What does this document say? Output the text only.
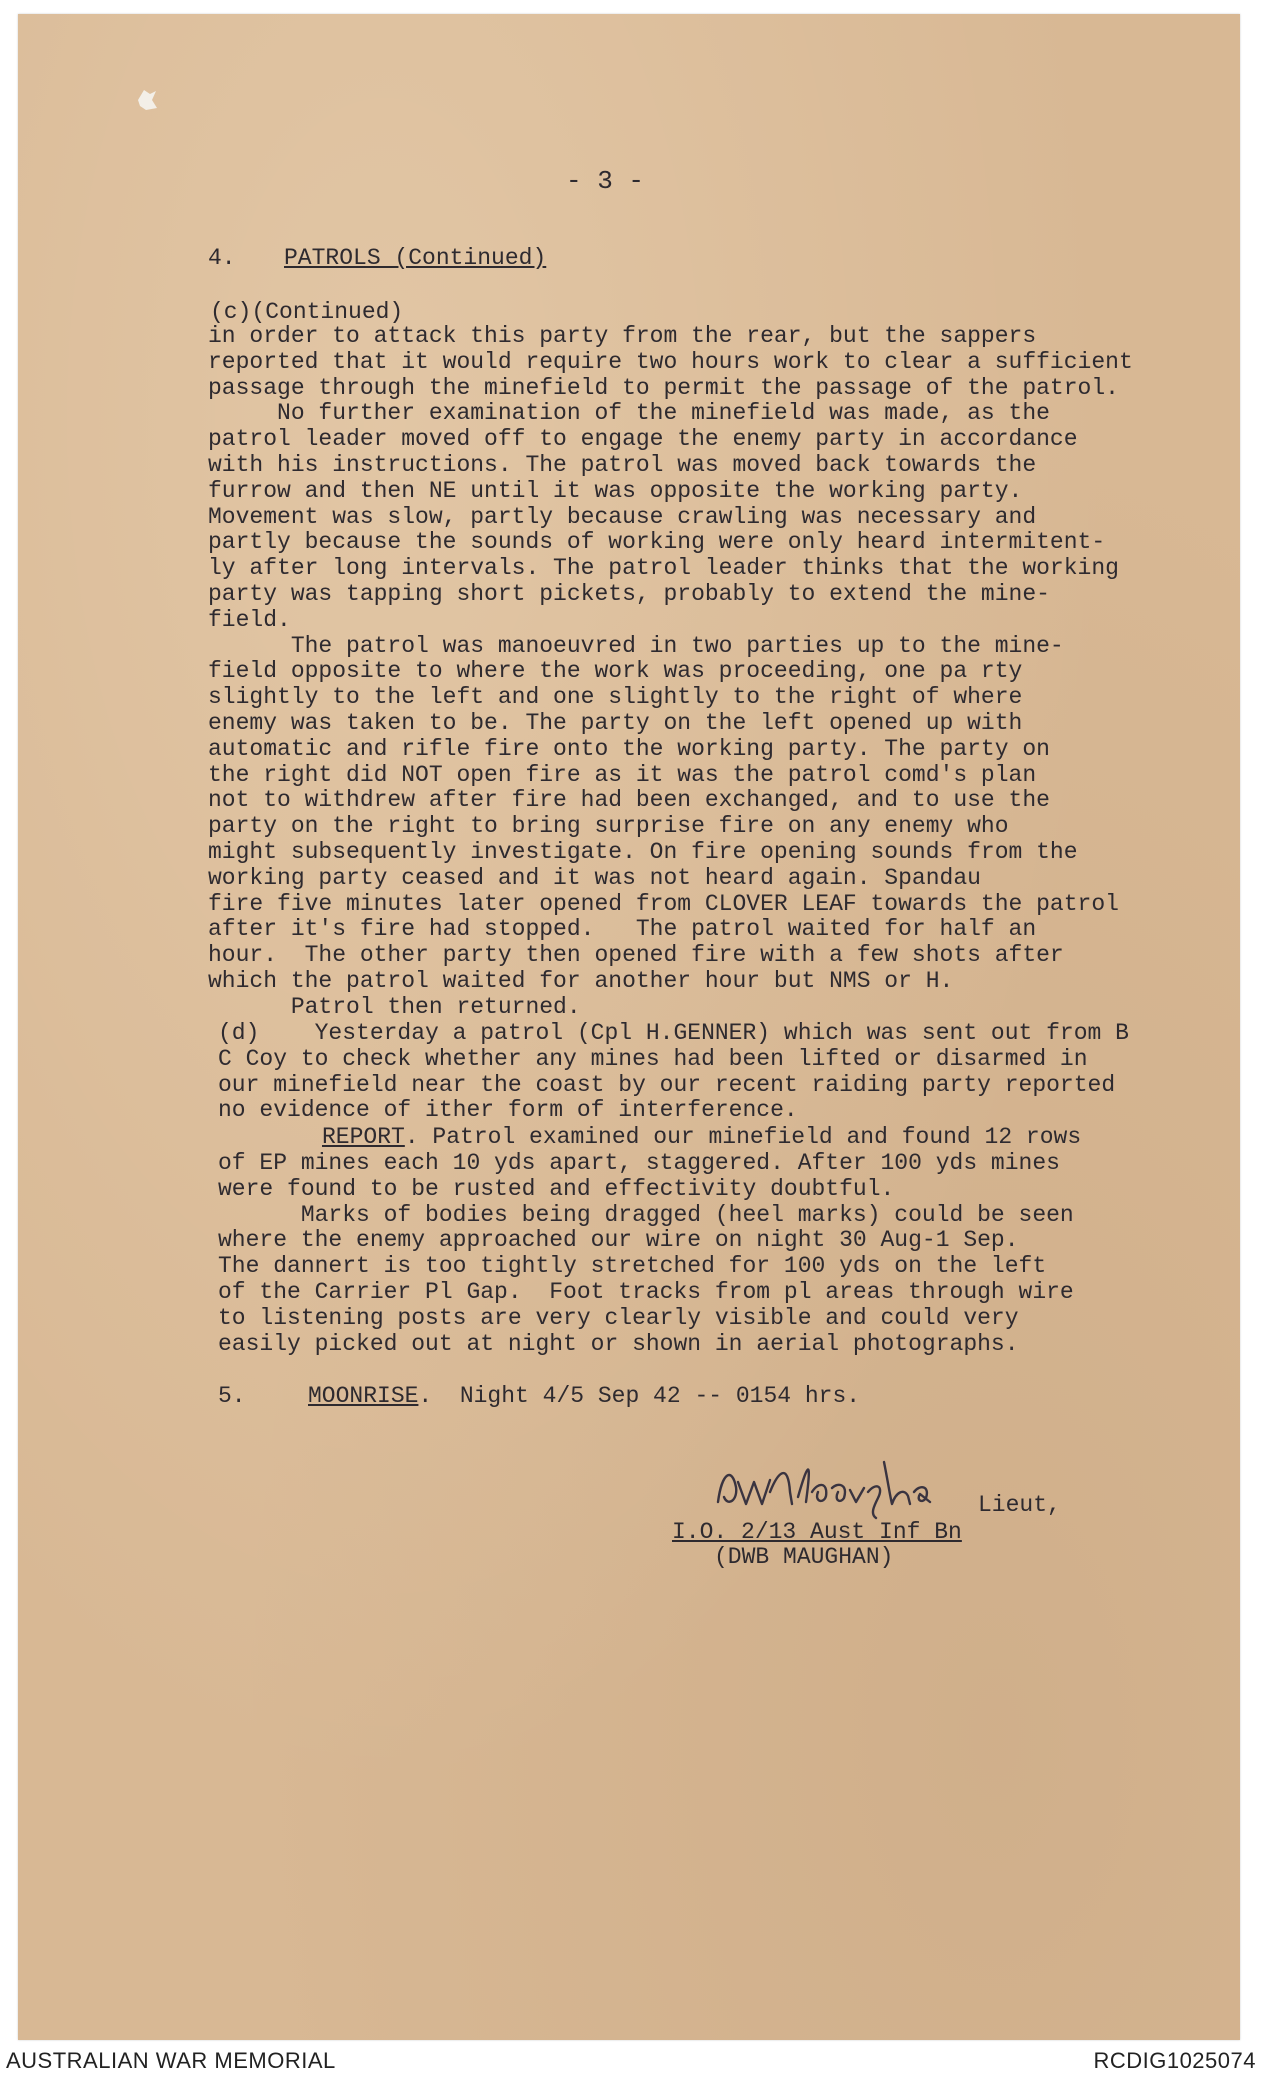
- 3 -
4. PATROLS (Continued)
(c)(Continued)
in order to attack this party from the rear, but the sappers
reported that it would require two hours work to clear a sufficient
passage through the minefield to permit the passage of the patrol.
No further examination of the minefield was made, as the
patrol leader moved off to engage the enemy party in accordance
with his instructions. The patrol was moved back towards the
furrow and then NE until it was opposite the working party.
Movement was slow, partly because crawling was necessary and
partly because the sounds of working were only heard intermitent-
ly after long intervals. The patrol leader thinks that the working
party was tapping short pickets, probably to extend the mine-
field.
The patrol was manoeuvred in two parties up to the mine-
field opposite to where the work was proceeding, one pa rty
slightly to the left and one slightly to the right of where
enemy was taken to be. The party on the left opened up with
automatic and rifle fire onto the working party. The party on
the right did NOT open fire as it was the patrol comd's plan
not to withdrew after fire had been exchanged, and to use the
party on the right to bring surprise fire on any enemy who
might subsequently investigate. On fire opening sounds from the
working party ceased and it was not heard again. Spandau
fire five minutes later opened from CLOVER LEAF towards the patrol
after it's fire had stopped.   The patrol waited for half an
hour.  The other party then opened fire with a few shots after
which the patrol waited for another hour but NMS or H.
Patrol then returned.
(d)    Yesterday a patrol (Cpl H.GENNER) which was sent out from B
C Coy to check whether any mines had been lifted or disarmed in
our minefield near the coast by our recent raiding party reported
no evidence of ither form of interference.
REPORT. Patrol examined our minefield and found 12 rows
of EP mines each 10 yds apart, staggered. After 100 yds mines
were found to be rusted and effectivity doubtful.
Marks of bodies being dragged (heel marks) could be seen
where the enemy approached our wire on night 30 Aug-1 Sep.
The dannert is too tightly stretched for 100 yds on the left
of the Carrier Pl Gap.  Foot tracks from pl areas through wire
to listening posts are very clearly visible and could very
easily picked out at night or shown in aerial photographs.
5.	MOONRISE.  Night 4/5 Sep 42 -- 0154 hrs.
Lieut,
I.O. 2/13 Aust Inf Bn
(DWB MAUGHAN)
AUSTRALIAN WAR MEMORIAL	RCDIG1025074
